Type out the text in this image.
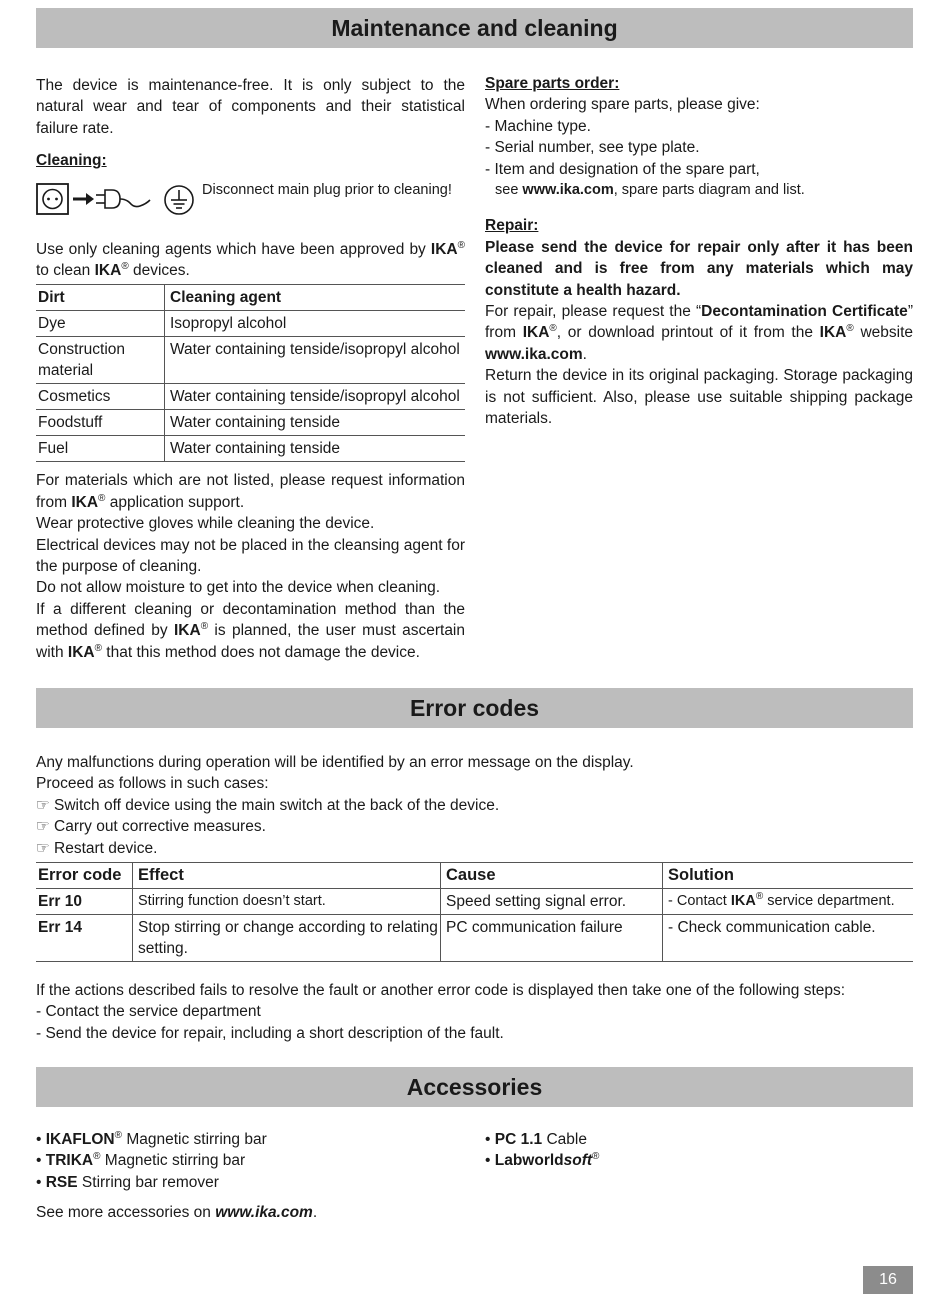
Maintenance and cleaning

The device is maintenance-free. It is only subject to the natural wear and tear of components and their statistical failure rate.

Cleaning:

Disconnect main plug prior to cleaning!

Use only cleaning agents which have been approved by IKA® to clean IKA® devices.

Dirt	Cleaning agent
Dye	Isopropyl alcohol
Construction material	Water containing tenside/isopropyl alcohol
Cosmetics	Water containing tenside/isopropyl alcohol
Foodstuff	Water containing tenside
Fuel	Water containing tenside

For materials which are not listed, please request information from IKA® application support.

Wear protective gloves while cleaning the device.

Electrical devices may not be placed in the cleansing agent for the purpose of cleaning.

Do not allow moisture to get into the device when cleaning.

If a different cleaning or decontamination method than the method defined by IKA® is planned, the user must ascertain with IKA® that this method does not damage the device.

Spare parts order:

When ordering spare parts, please give:

- Machine type.

- Serial number, see type plate.

- Item and designation of the spare part,

see www.ika.com, spare parts diagram and list.

Repair:

Please send the device for repair only after it has been cleaned and is free from any materials which may constitute a health hazard.

For repair, please request the “Decontamination Certificate” from IKA®, or download printout of it from the IKA® website www.ika.com.

Return the device in its original packaging. Storage packaging is not sufficient. Also, please use suitable shipping package materials.

Error codes

Any malfunctions during operation will be identified by an error message on the display.

Proceed as follows in such cases:

☞ Switch off device using the main switch at the back of the device.

☞ Carry out corrective measures.

☞ Restart device.

Error code	Effect	Cause	Solution
Err 10	Stirring function doesn’t start.	Speed setting signal error.	- Contact IKA® service department.
Err 14	Stop stirring or change according to relating setting.	PC communication failure	- Check communication cable.

If the actions described fails to resolve the fault or another error code is displayed then take one of the following steps:

- Contact the service department

- Send the device for repair, including a short description of the fault.

Accessories

• IKAFLON® Magnetic stirring bar

• TRIKA® Magnetic stirring bar

• RSE Stirring bar remover

See more accessories on www.ika.com.

• PC 1.1 Cable

• Labworldsoft®

16
